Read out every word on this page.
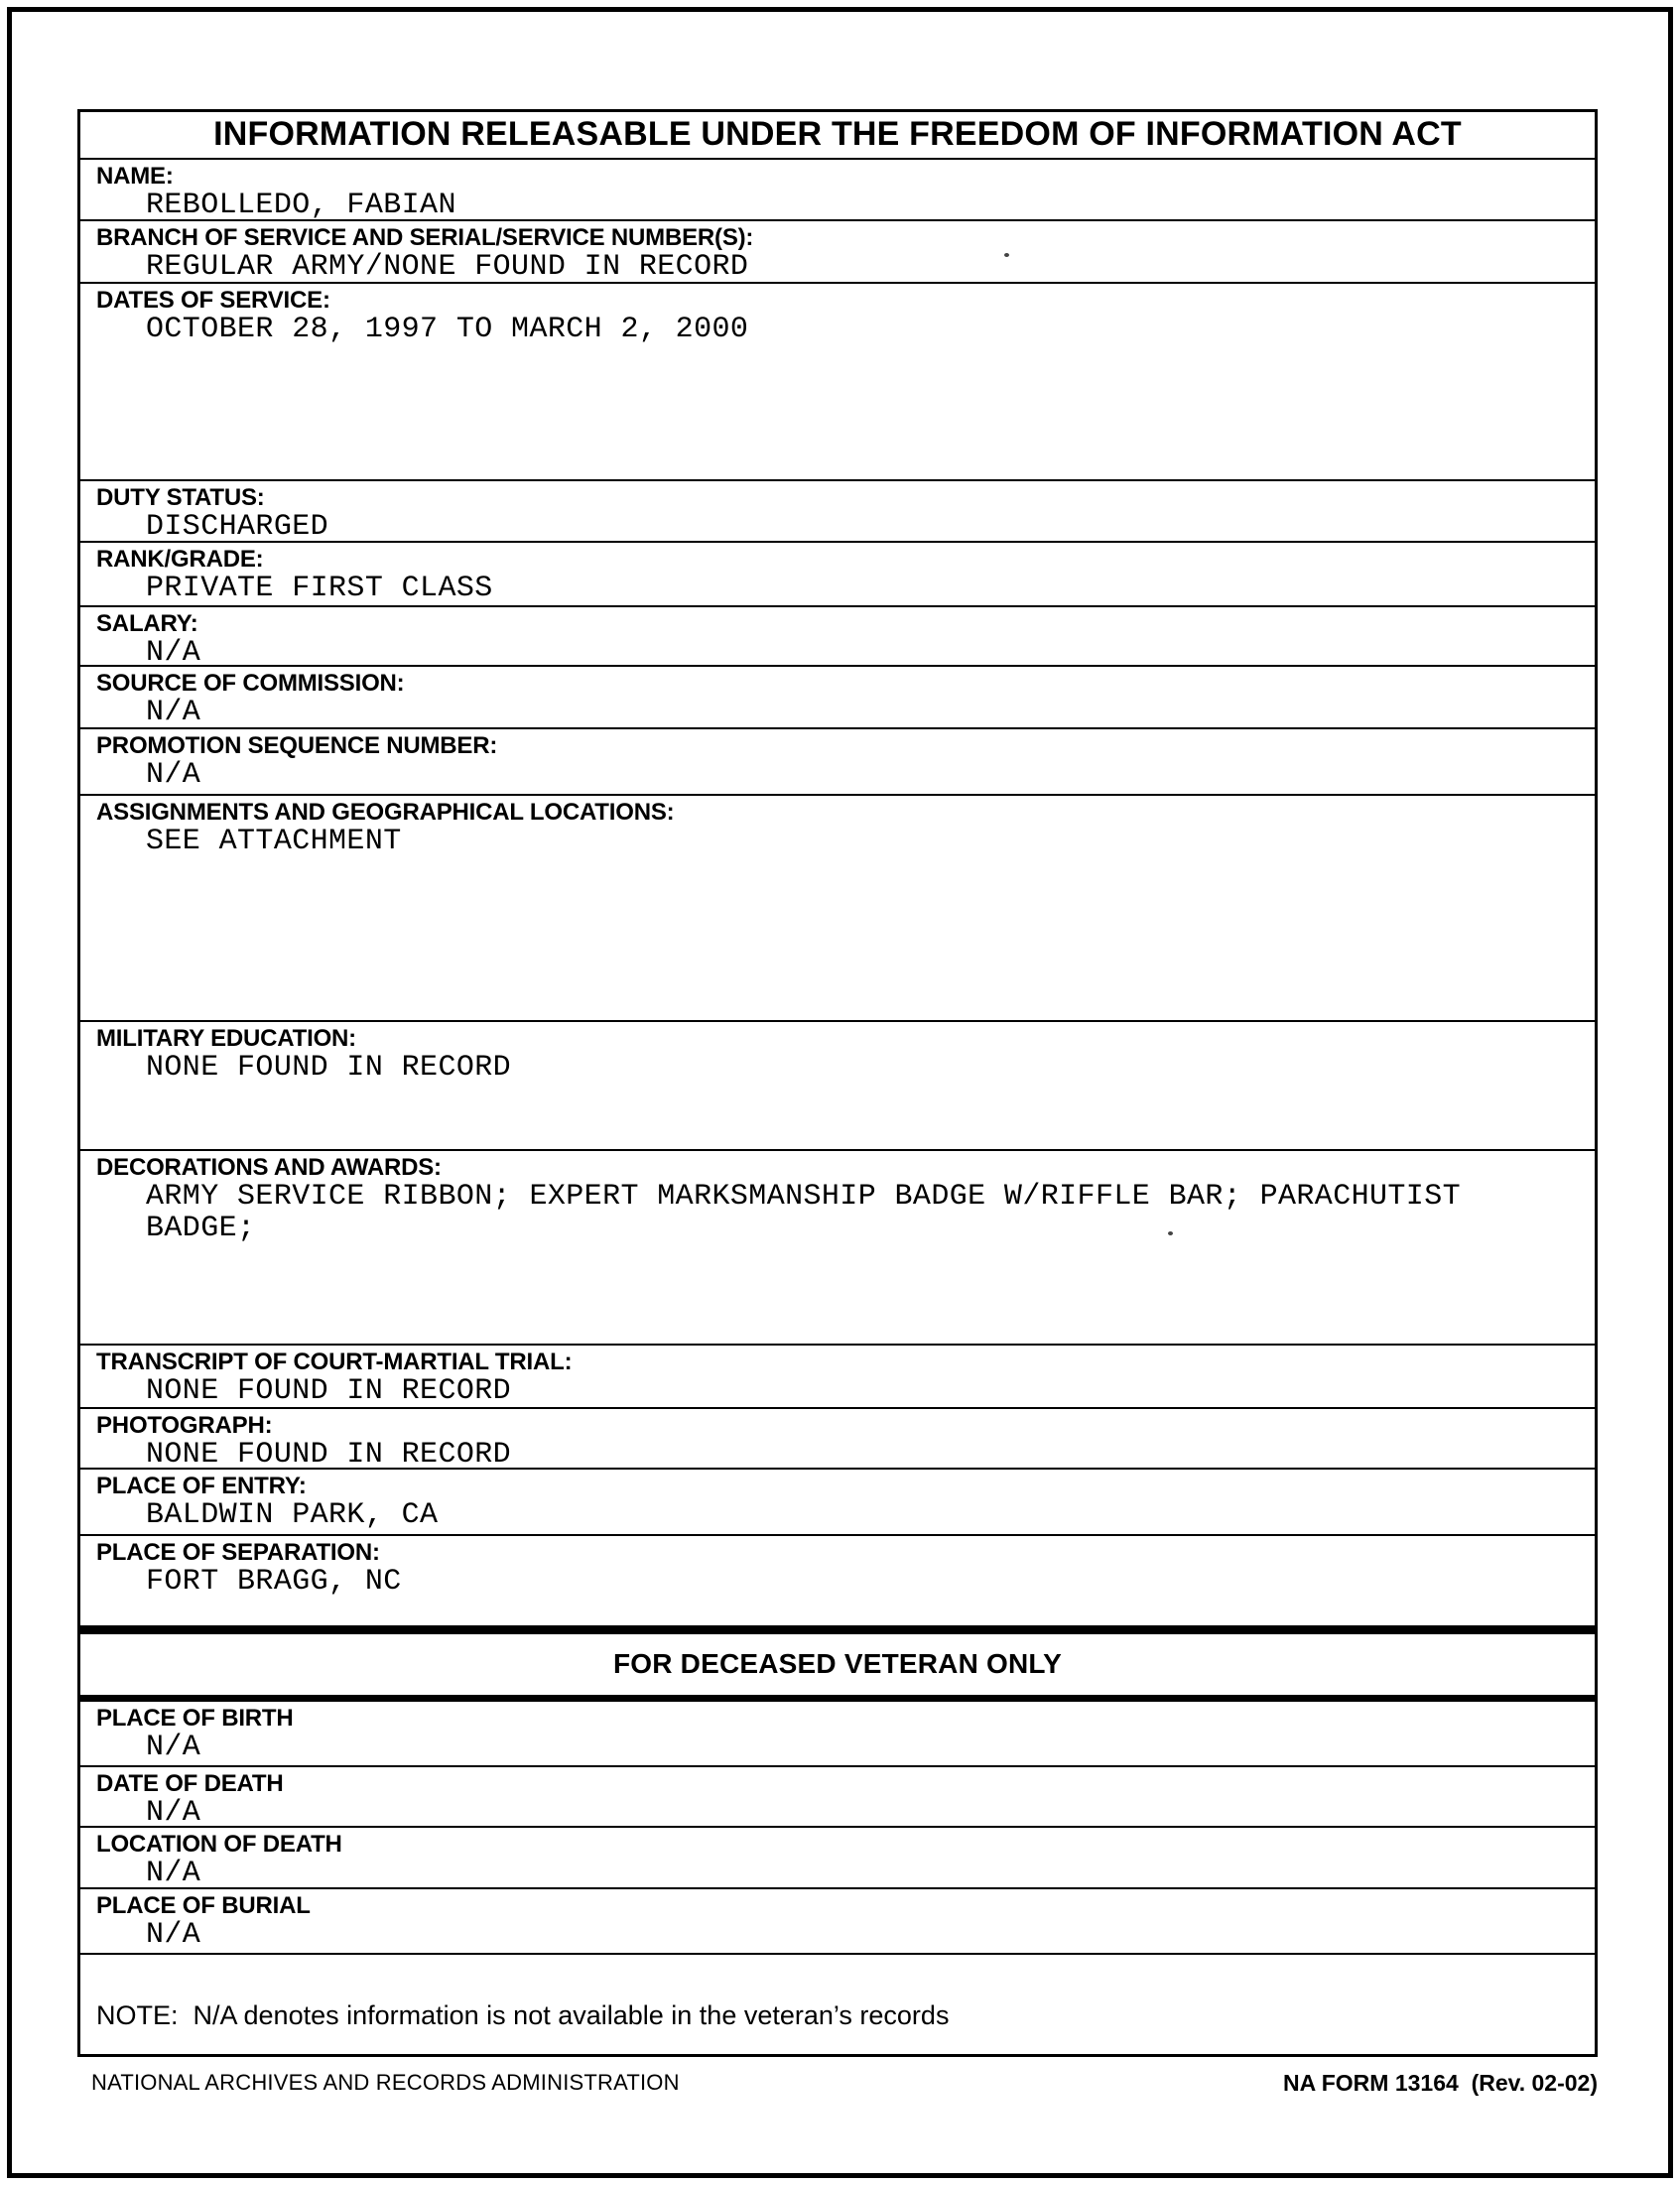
INFORMATION RELEASABLE UNDER THE FREEDOM OF INFORMATION ACT
NAME:
REBOLLEDO, FABIAN
BRANCH OF SERVICE AND SERIAL/SERVICE NUMBER(S):
REGULAR ARMY/NONE FOUND IN RECORD
DATES OF SERVICE:
OCTOBER 28, 1997 TO MARCH 2, 2000
DUTY STATUS:
DISCHARGED
RANK/GRADE:
PRIVATE FIRST CLASS
SALARY:
N/A
SOURCE OF COMMISSION:
N/A
PROMOTION SEQUENCE NUMBER:
N/A
ASSIGNMENTS AND GEOGRAPHICAL LOCATIONS:
SEE ATTACHMENT
MILITARY EDUCATION:
NONE FOUND IN RECORD
DECORATIONS AND AWARDS:
ARMY SERVICE RIBBON; EXPERT MARKSMANSHIP BADGE W/RIFFLE BAR; PARACHUTIST BADGE;
TRANSCRIPT OF COURT-MARTIAL TRIAL:
NONE FOUND IN RECORD
PHOTOGRAPH:
NONE FOUND IN RECORD
PLACE OF ENTRY:
BALDWIN PARK, CA
PLACE OF SEPARATION:
FORT BRAGG, NC
FOR DECEASED VETERAN ONLY
PLACE OF BIRTH
N/A
DATE OF DEATH
N/A
LOCATION OF DEATH
N/A
PLACE OF BURIAL
N/A
NOTE:  N/A denotes information is not available in the veteran’s records
NATIONAL ARCHIVES AND RECORDS ADMINISTRATION	NA FORM 13164  (Rev. 02-02)
